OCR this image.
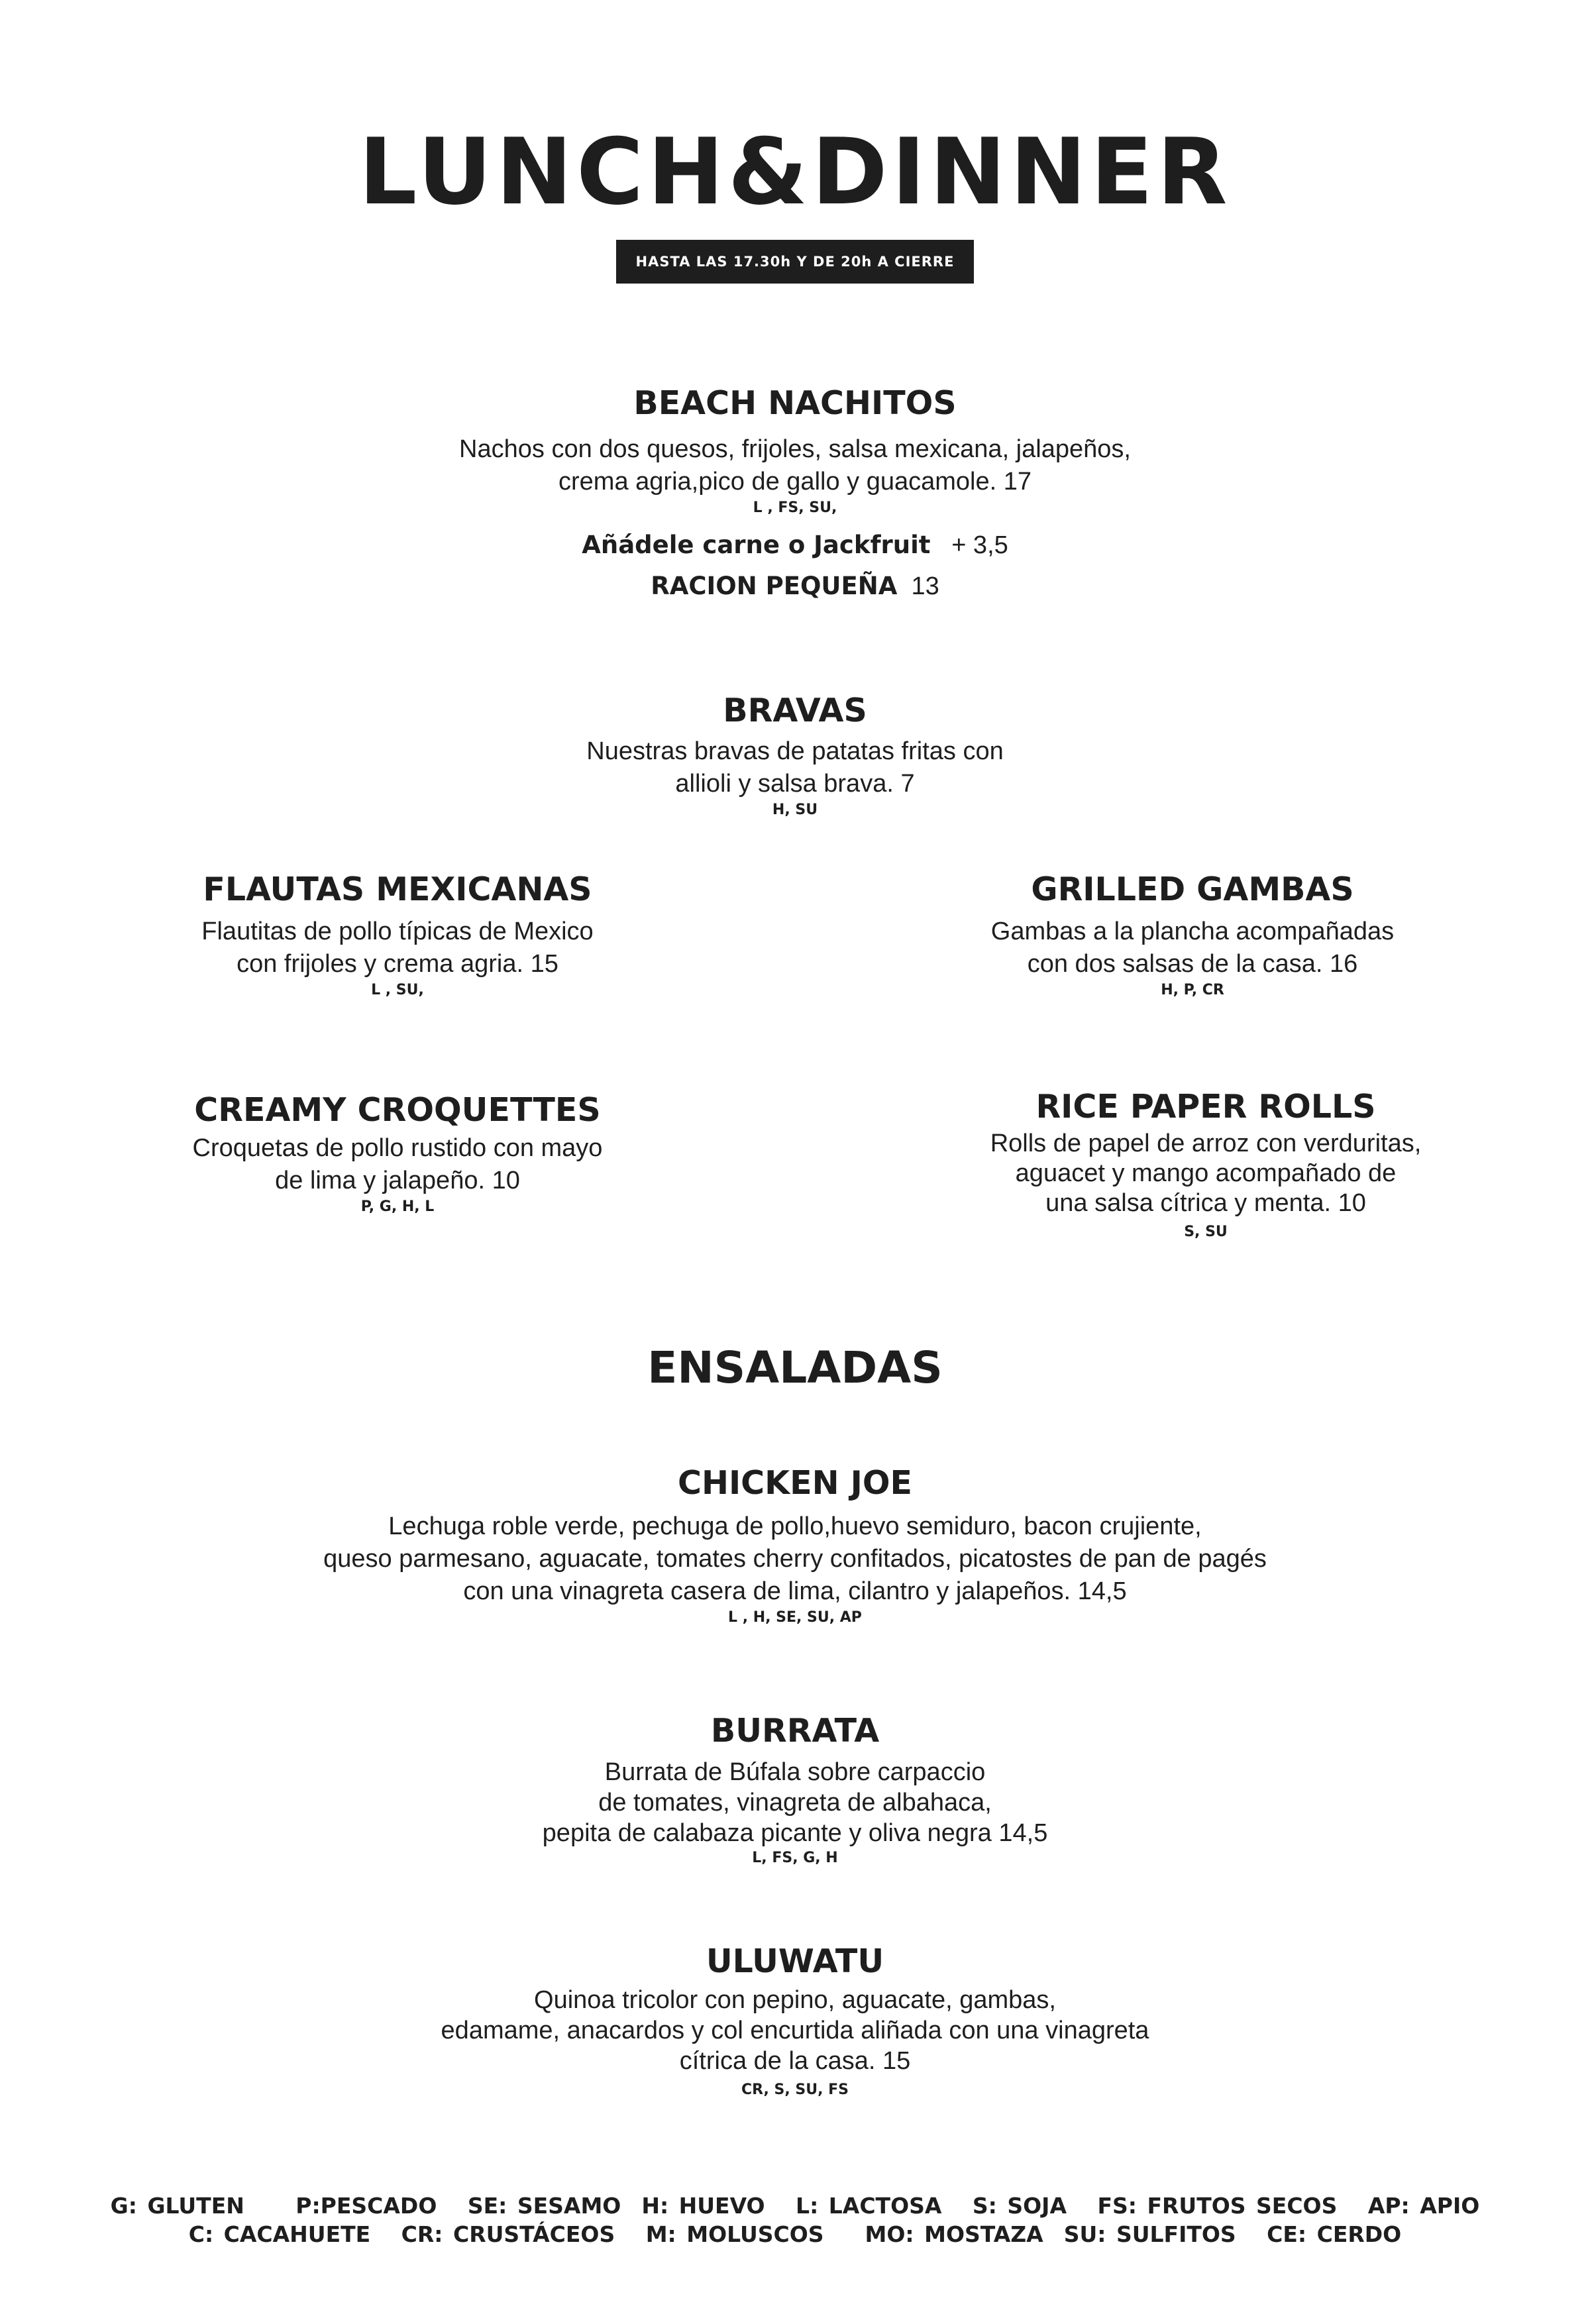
LUNCH&DINNER
HASTA LAS 17.30h Y DE 20h A CIERRE
BEACH NACHITOS
Nachos con dos quesos, frijoles, salsa mexicana, jalapeños,
crema agria,pico de gallo y guacamole. 17
L , FS, SU,
Añádele carne o Jackfruit + 3,5
RACION PEQUEÑA 13
BRAVAS
Nuestras bravas de patatas fritas con
allioli y salsa brava. 7
H, SU
FLAUTAS MEXICANAS
Flautitas de pollo típicas de Mexico
con frijoles y crema agria. 15
L , SU,
GRILLED GAMBAS
Gambas a la plancha acompañadas
con dos salsas de la casa. 16
H, P, CR
CREAMY CROQUETTES
Croquetas de pollo rustido con mayo
de lima y jalapeño. 10
P, G, H, L
RICE PAPER ROLLS
Rolls de papel de arroz con verduritas,
aguacet y mango acompañado de
una salsa cítrica y menta. 10
S, SU
ENSALADAS
CHICKEN JOE
Lechuga roble verde, pechuga de pollo,huevo semiduro, bacon crujiente,
queso parmesano, aguacate, tomates cherry confitados, picatostes de pan de pagés
con una vinagreta casera de lima, cilantro y jalapeños. 14,5
L , H, SE, SU, AP
BURRATA
Burrata de Búfala sobre carpaccio
de tomates, vinagreta de albahaca,
pepita de calabaza picante y oliva negra 14,5
L, FS, G, H
ULUWATU
Quinoa tricolor con pepino, aguacate, gambas,
edamame, anacardos y col encurtida aliñada con una vinagreta
cítrica de la casa. 15
CR, S, SU, FS
G: GLUTEN     P:PESCADO   SE: SESAMO  H: HUEVO   L: LACTOSA   S: SOJA   FS: FRUTOS SECOS   AP: APIO
C: CACAHUETE   CR: CRUSTÁCEOS   M: MOLUSCOS    MO: MOSTAZA  SU: SULFITOS   CE: CERDO
